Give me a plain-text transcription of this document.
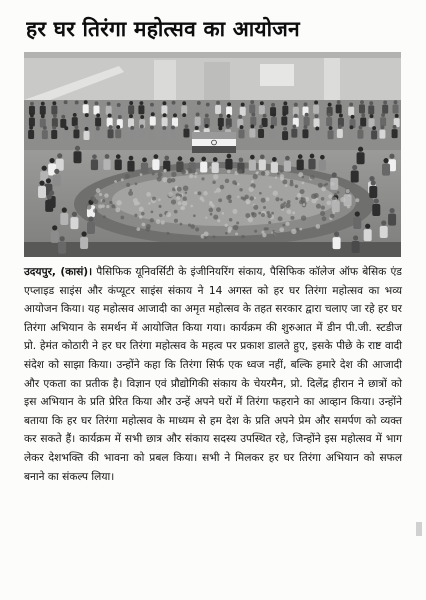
हर घर तिरंगा महोत्सव का आयोजन

उदयपुर, (कासं)। पैसिफिक यूनिवर्सिटी के इंजीनियरिंग संकाय, पैसिफिक कॉलेज ऑफ बेसिक एंड एप्लाइड साइंस और कंप्यूटर साइंस संकाय ने 14 अगस्त को हर घर तिरंगा महोत्सव का भव्य आयोजन किया। यह महोत्सव आजादी का अमृत महोत्सव के तहत सरकार द्वारा चलाए जा रहे हर घर तिरंगा अभियान के समर्थन में आयोजित किया गया। कार्यक्रम की शुरुआत में डीन पी.जी. स्टडीज प्रो. हेमंत कोठारी ने हर घर तिरंगा महोत्सव के महत्व पर प्रकाश डालते हुए, इसके पीछे के राष्ट वादी संदेश को साझा किया। उन्होंने कहा कि तिरंगा सिर्फ एक ध्वज नहीं, बल्कि हमारे देश की आजादी और एकता का प्रतीक है। विज्ञान एवं प्रौद्योगिकी संकाय के चेयरमैन, प्रो. दिलेंद्र हीरान ने छात्रों को इस अभियान के प्रति प्रेरित किया और उन्हें अपने घरों में तिरंगा फहराने का आव्हान किया। उन्होंने बताया कि हर घर तिरंगा महोत्सव के माध्यम से हम देश के प्रति अपने प्रेम और समर्पण को व्यक्त कर सकते हैं। कार्यक्रम में सभी छात्र और संकाय सदस्य उपस्थित रहे, जिन्होंने इस महोत्सव में भाग लेकर देशभक्ति की भावना को प्रबल किया। सभी ने मिलकर हर घर तिरंगा अभियान को सफल बनाने का संकल्प लिया।
